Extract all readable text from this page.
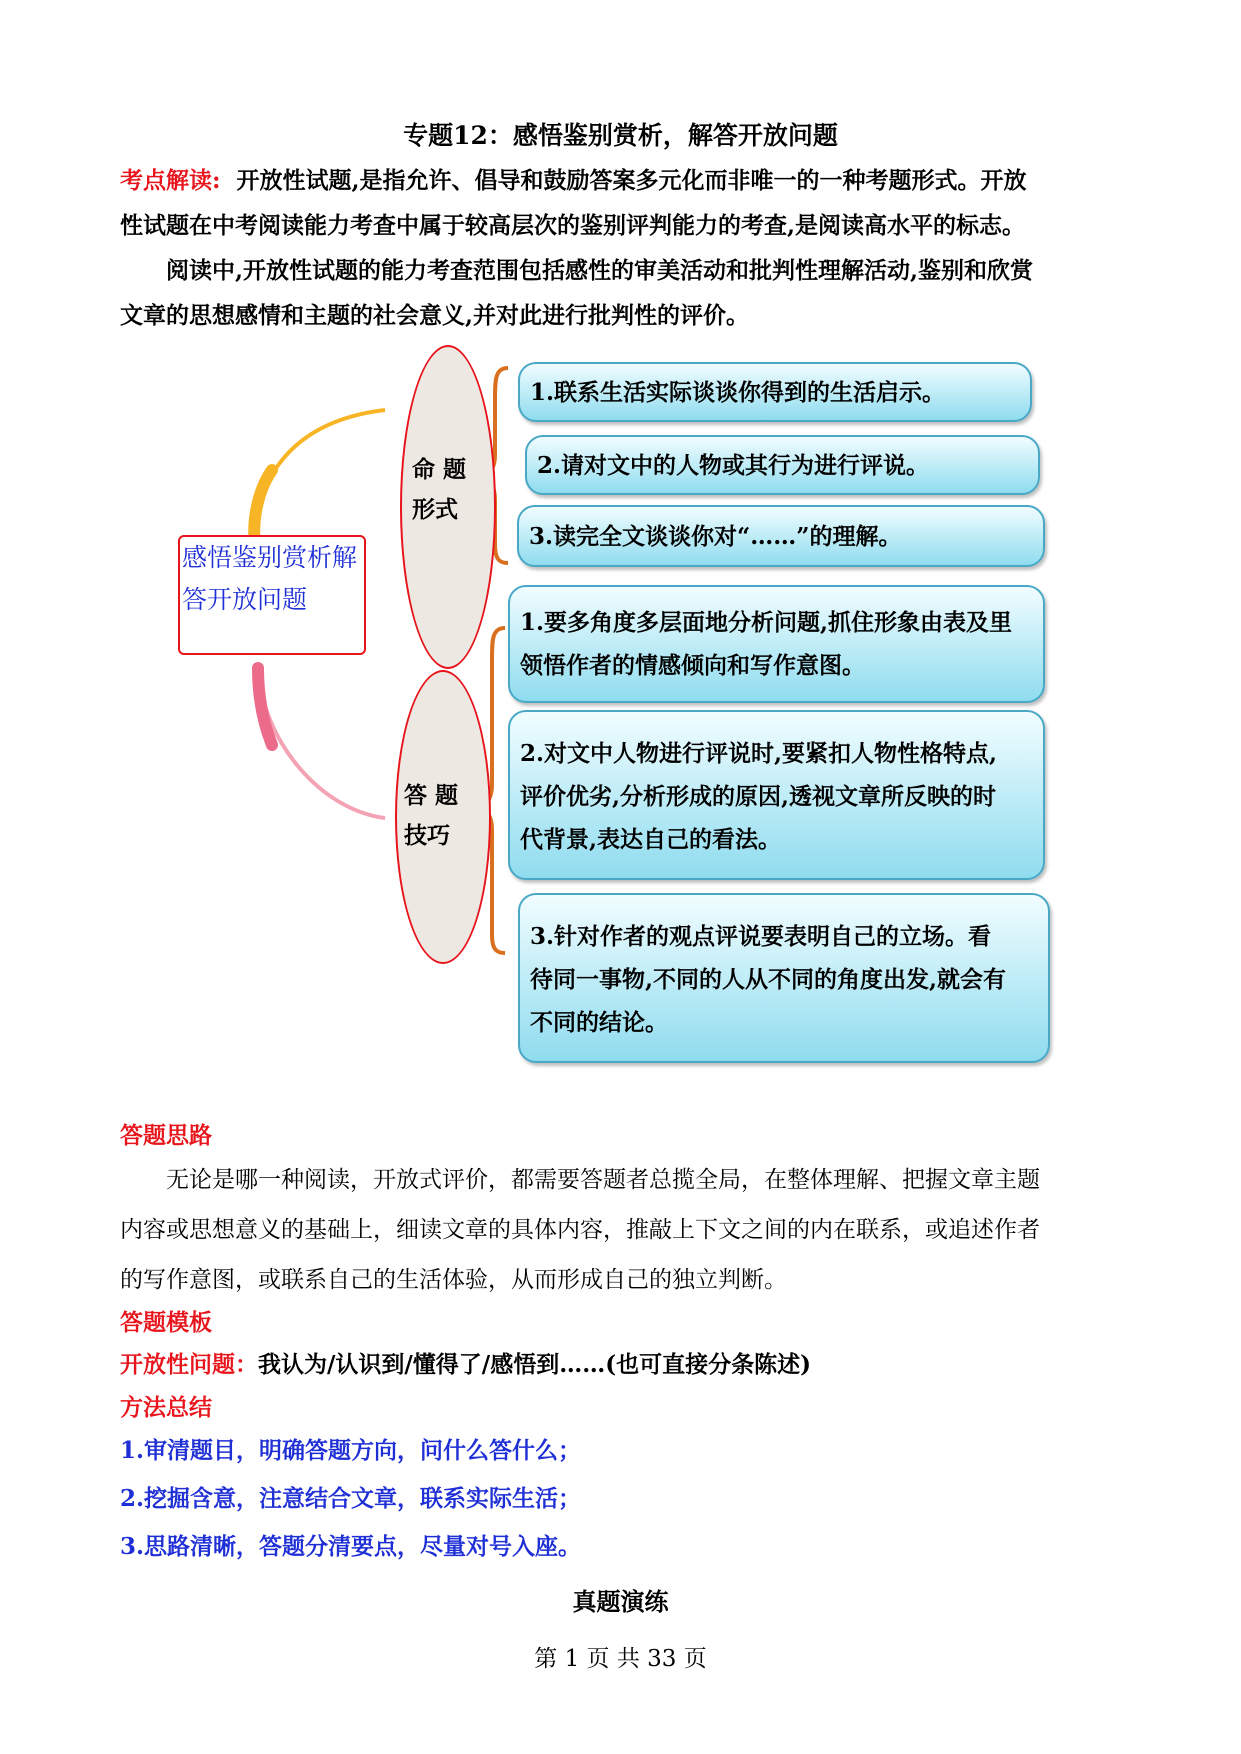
专题12：感悟鉴别赏析，解答开放问题
考点解读: 开放性试题,是指允许、倡导和鼓励答案多元化而非唯一的一种考题形式。开放
性试题在中考阅读能力考查中属于较高层次的鉴别评判能力的考查,是阅读高水平的标志。
阅读中,开放性试题的能力考查范围包括感性的审美活动和批判性理解活动,鉴别和欣赏
文章的思想感情和主题的社会意义,并对此进行批判性的评价。
命 题
形式
答 题
技巧
感悟鉴别赏析解
答开放问题
1.联系生活实际谈谈你得到的生活启示。
2.请对文中的人物或其行为进行评说。
3.读完全文谈谈你对“……”的理解。
1.要多角度多层面地分析问题,抓住形象由表及里
领悟作者的情感倾向和写作意图。
2.对文中人物进行评说时,要紧扣人物性格特点,
评价优劣,分析形成的原因,透视文章所反映的时
代背景,表达自己的看法。
3.针对作者的观点评说要表明自己的立场。看
待同一事物,不同的人从不同的角度出发,就会有
不同的结论。
答题思路
无论是哪一种阅读，开放式评价，都需要答题者总揽全局，在整体理解、把握文章主题
内容或思想意义的基础上，细读文章的具体内容，推敲上下文之间的内在联系，或追述作者
的写作意图，或联系自己的生活体验，从而形成自己的独立判断。
答题模板
开放性问题：我认为/认识到/懂得了/感悟到……(也可直接分条陈述)
方法总结
1.审清题目，明确答题方向，问什么答什么；
2.挖掘含意，注意结合文章，联系实际生活；
3.思路清晰，答题分清要点，尽量对号入座。
真题演练
第 1 页 共 33 页
